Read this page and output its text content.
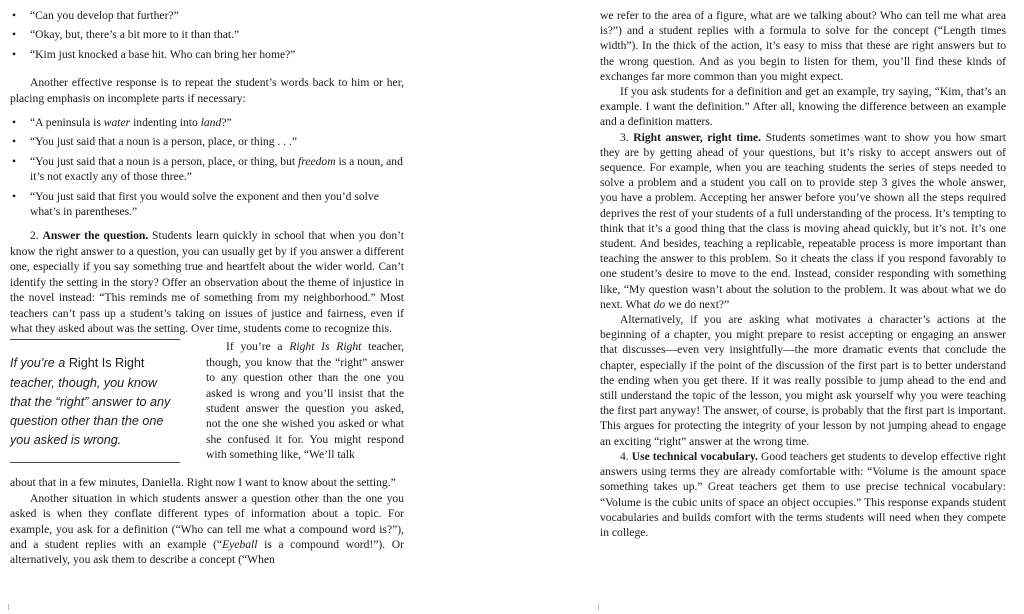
• “Can you develop that further?”
• “Okay, but, there’s a bit more to it than that.”
• “Kim just knocked a base hit. Who can bring her home?”

Another effective response is to repeat the student’s words back to him or her, placing emphasis on incomplete parts if necessary:

• “A peninsula is water indenting into land?”
• “You just said that a noun is a person, place, or thing . . .”
• “You just said that a noun is a person, place, or thing, but freedom is a noun, and it’s not exactly any of those three.”
• “You just said that first you would solve the exponent and then you’d solve what’s in parentheses.”

2. Answer the question. Students learn quickly in school that when you don’t know the right answer to a question, you can usually get by if you answer a different one, especially if you say something true and heartfelt about the wider world. Can’t identify the setting in the story? Offer an observation about the theme of injustice in the novel instead: “This reminds me of something from my neighborhood.” Most teachers can’t pass up a student’s taking on issues of justice and fairness, even if what they asked about was the setting. Over time, students come to recognize this.

If you’re a Right Is Right teacher, though, you know that the “right” answer to any question other than the one you asked is wrong.

If you’re a Right Is Right teacher, though, you know that the “right” answer to any question other than the one you asked is wrong and you’ll insist that the student answer the question you asked, not the one she wished you asked or what she confused it for. You might respond with something like, “We’ll talk

about that in a few minutes, Daniella. Right now I want to know about the setting.”

Another situation in which students answer a question other than the one you asked is when they conflate different types of information about a topic. For example, you ask for a definition (“Who can tell me what a compound word is?”), and a student replies with an example (“Eyeball is a compound word!”). Or alternatively, you ask them to describe a concept (“When

we refer to the area of a figure, what are we talking about? Who can tell me what area is?”) and a student replies with a formula to solve for the concept (“Length times width”). In the thick of the action, it’s easy to miss that these are right answers but to the wrong question. And as you begin to listen for them, you’ll find these kinds of exchanges far more common than you might expect.

If you ask students for a definition and get an example, try saying, “Kim, that’s an example. I want the definition.” After all, knowing the difference between an example and a definition matters.

3. Right answer, right time. Students sometimes want to show you how smart they are by getting ahead of your questions, but it’s risky to accept answers out of sequence. For example, when you are teaching students the series of steps needed to solve a problem and a student you call on to provide step 3 gives the whole answer, you have a problem. Accepting her answer before you’ve shown all the steps required deprives the rest of your students of a full understanding of the process. It’s tempting to think that it’s a good thing that the class is moving ahead quickly, but it’s not. It’s one student. And besides, teaching a replicable, repeatable process is more important than teaching the answer to this problem. So it cheats the class if you respond favorably to one student’s desire to move to the end. Instead, consider responding with something like, “My question wasn’t about the solution to the problem. It was about what we do next. What do we do next?”

Alternatively, if you are asking what motivates a character’s actions at the beginning of a chapter, you might prepare to resist accepting or engaging an answer that discusses—even very insightfully—the more dramatic events that conclude the chapter, especially if the point of the discussion of the first part is to better understand the ending when you get there. If it was really possible to jump ahead to the end and still understand the topic of the lesson, you might ask yourself why you were teaching the first part anyway! The answer, of course, is probably that the first part is important. This argues for protecting the integrity of your lesson by not jumping ahead to engage an exciting “right” answer at the wrong time.

4. Use technical vocabulary. Good teachers get students to develop effective right answers using terms they are already comfortable with: “Volume is the amount space something takes up.” Great teachers get them to use precise technical vocabulary: “Volume is the cubic units of space an object occupies.” This response expands student vocabularies and builds comfort with the terms students will need when they compete in college.
